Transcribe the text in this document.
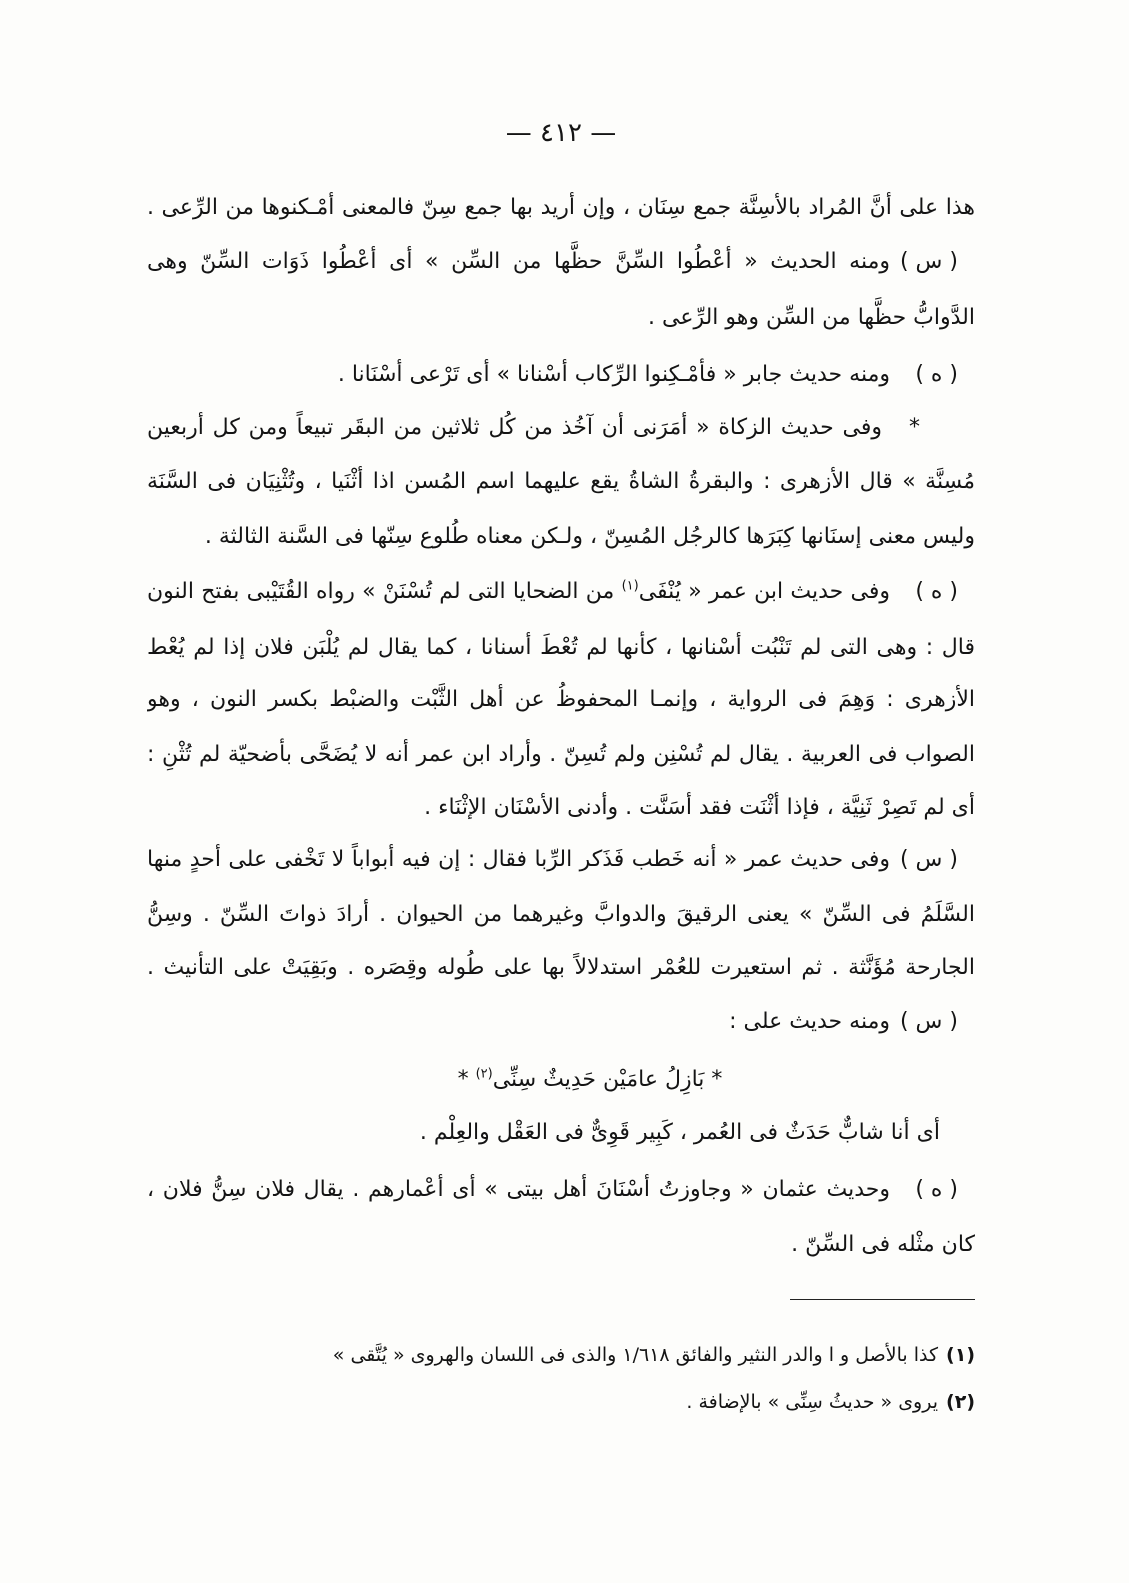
— ٤١٢ —
هذا على أنَّ المُراد بالأسِنَّة جمع سِنَان ، وإن أريد بها جمع سِنّ فالمعنى أمْـكنوها من الرِّعى .
( س )
ومنه الحديث « أعْطُوا السِّنَّ حظَّها من السِّن » أى أعْطُوا ذَوَات السِّنّ وهى
الدَّوابُّ حظَّها من السِّن وهو الرِّعى .
( ه )
ومنه حديث جابر « فأمْـكِنوا الرِّكاب أسْنانا » أى تَرْعى أسْنَانا .
*
وفى حديث الزكاة « أمَرَنى أن آخُذ من كُل ثلاثين من البقَر تبيعاً ومن كل أربعين
مُسِنَّة » قال الأزهرى : والبقرةُ الشاةُ يقع عليهما اسم المُسن اذا أثْنَيا ، وتُثْنِيَان فى السَّنَة
وليس معنى إسنَانها كِبَرَها كالرجُل المُسِنّ ، ولـكن معناه طُلوع سِنّها فى السَّنة الثالثة .
( ه )
وفى حديث ابن عمر « يُنْفَى$^{(١)}$ من الضحايا التى لم تُسْنَنْ » رواه القُتَيْبى بفتح النون
قال : وهى التى لم تَنْبُت أسْنانها ، كأنها لم تُعْطَ أسنانا ، كما يقال لم يُلْبَن فلان إذا لم يُعْط
الأزهرى : وَهِمَ فى الرواية ، وإنمـا المحفوظُ عن أهل الثَّبْت والضبْط بكسر النون ، وهو
الصواب فى العربية . يقال لم تُسْنِن ولم تُسِنّ . وأراد ابن عمر أنه لا يُضَحَّى بأضحيّة لم تُثْنِ :
أى لم تَصِرْ ثَنِيَّة ، فإذا أثْنَت فقد أسَنَّت . وأدنى الأسْنَان الإثْنَاء .
( س )
وفى حديث عمر « أنه خَطب فَذَكر الرِّبا فقال : إن فيه أبواباً لا تَخْفى على أحدٍ منها
السَّلَمُ فى السِّنّ » يعنى الرقيقَ والدوابَّ وغيرهما من الحيوان . أرادَ ذواتَ السِّنّ . وسِنُّ
الجارحة مُؤَنَّثة . ثم استعيرت للعُمْر استدلالاً بها على طُوله وقِصَره . وبَقِيَتْ على التأنيث .
( س )
ومنه حديث على :
* بَازِلُ عامَيْن حَدِيثٌ سِنِّى$^{(٢)}$ *
أى أنا شابٌّ حَدَثٌ فى العُمر ، كَبِير قَوِىٌّ فى العَقْل والعِلْم .
( ه )
وحديث عثمان « وجاوزتُ أسْنَانَ أهل بيتى » أى أعْمارهم . يقال فلان سِنُّ فلان ،
كان مثْله فى السِّنّ .
(١)كذا بالأصل و ا والدر النثير والفائق ١/٦١٨ والذى فى اللسان والهروى « يُتَّقى »
(٢)يروى « حديثُ سِنِّى » بالإضافة .
